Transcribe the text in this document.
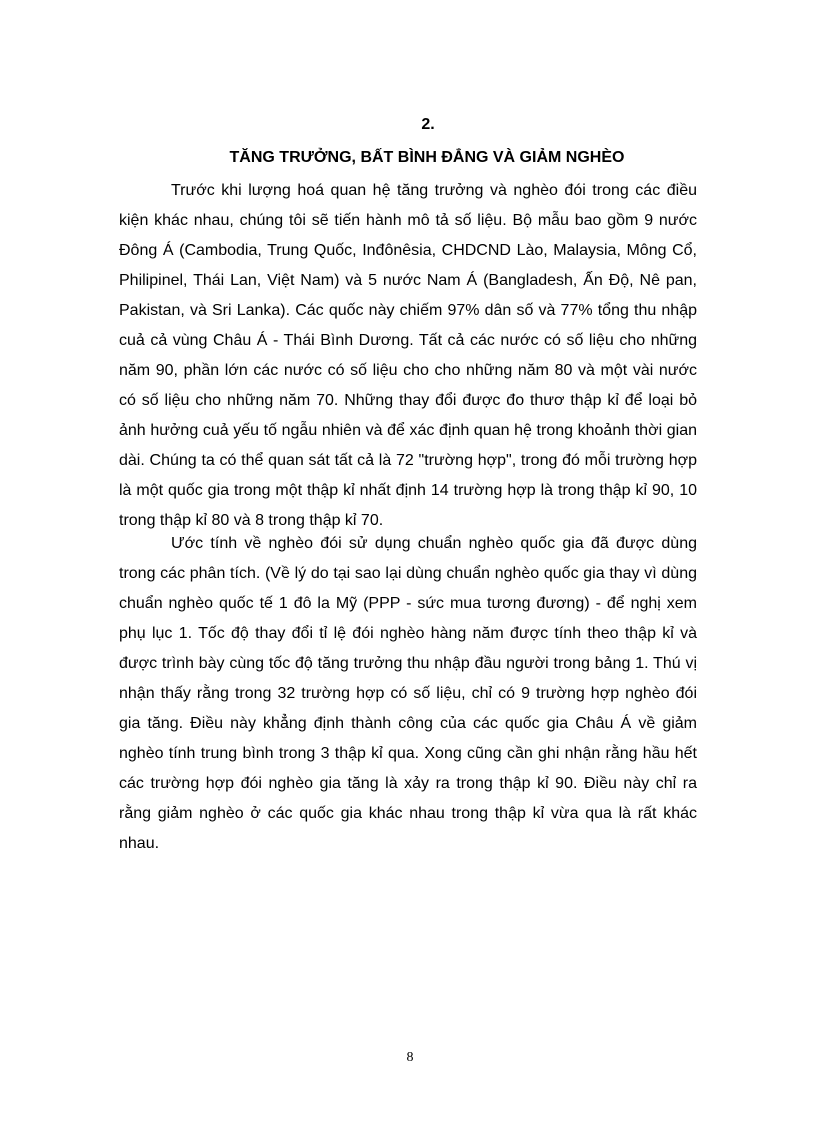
2.
TĂNG TRƯỞNG, BẤT BÌNH ĐẲNG VÀ GIẢM NGHÈO

Trước khi lượng hoá quan hệ tăng trưởng và nghèo đói trong các điều kiện khác nhau, chúng tôi sẽ tiến hành mô tả số liệu. Bộ mẫu bao gồm 9 nước Đông Á (Cambodia, Trung Quốc, Inđônêsia, CHDCND Lào, Malaysia, Mông Cổ, Philipinel, Thái Lan, Việt Nam) và 5 nước Nam Á (Bangladesh, Ấn Độ, Nê pan, Pakistan, và Sri Lanka). Các quốc này chiếm 97% dân số và 77% tổng thu nhập cuả cả vùng Châu Á - Thái Bình Dương. Tất cả các nước có số liệu cho những năm 90, phần lớn các nước có số liệu cho cho những năm 80 và một vài nước có số liệu cho những năm 70. Những thay đổi được đo thươ thập kỉ để loại bỏ ảnh hưởng cuả yếu tố ngẫu nhiên và để xác định quan hệ trong khoảnh thời gian dài. Chúng ta có thể quan sát tất cả là 72 "trường hợp", trong đó mỗi trường hợp là một quốc gia trong một thập kỉ nhất định 14 trường hợp là trong thập kỉ 90, 10 trong thập kỉ 80 và 8 trong thập kỉ 70.

Ước tính về nghèo đói sử dụng chuẩn nghèo quốc gia đã được dùng trong các phân tích. (Về lý do tại sao lại dùng chuẩn nghèo quốc gia thay vì dùng chuẩn nghèo quốc tế 1 đô la Mỹ (PPP - sức mua tương đương) - để nghị xem phụ lục 1. Tốc độ thay đổi tỉ lệ đói nghèo hàng năm được tính theo thập kỉ và được trình bày cùng tốc độ tăng trưởng thu nhập đầu người trong bảng 1. Thú vị nhận thấy rằng trong 32 trường hợp có số liệu, chỉ có 9 trường hợp nghèo đói gia tăng. Điều này khẳng định thành công của các quốc gia Châu Á về giảm nghèo tính trung bình trong 3 thập kỉ qua. Xong cũng cần ghi nhận rằng hầu hết các trường hợp đói nghèo gia tăng là xảy ra trong thập kỉ 90. Điều này chỉ ra rằng giảm nghèo ở các quốc gia khác nhau trong thập kỉ vừa qua là rất khác nhau.

8
